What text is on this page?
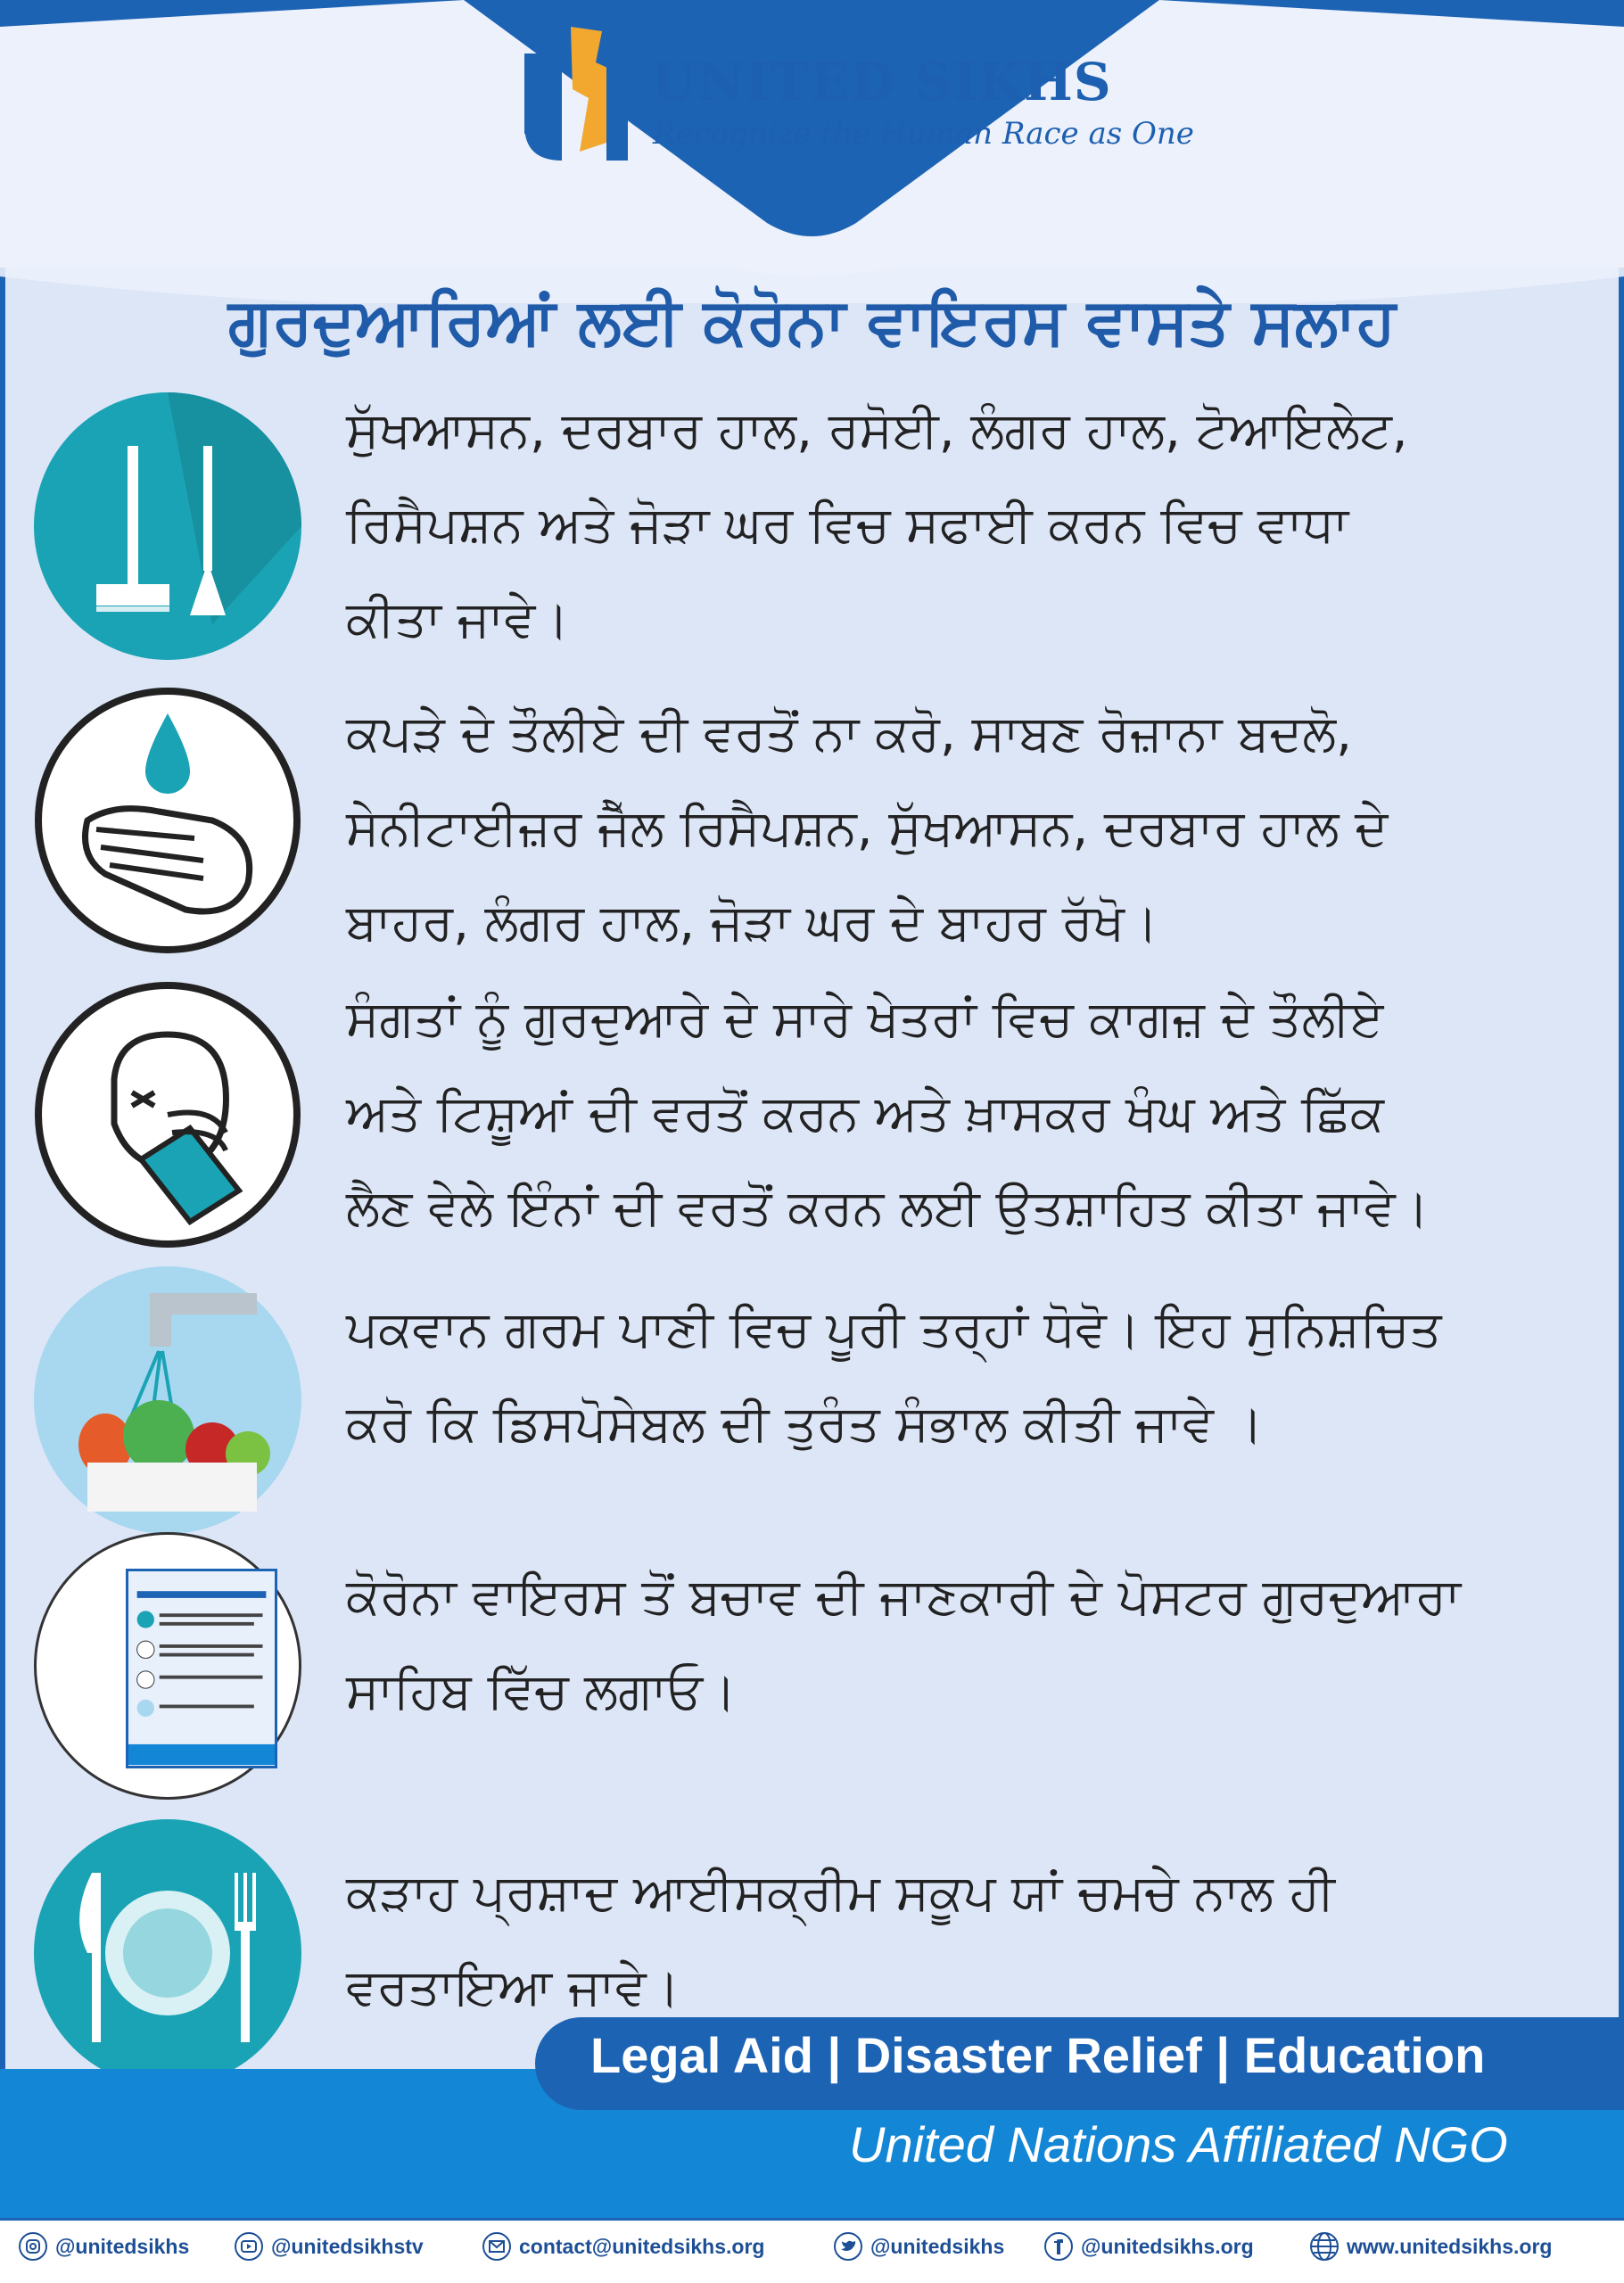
UNITED SIKHS
Recognize the Human Race as One
ਗੁਰਦੁਆਰਿਆਂ ਲਈ ਕੋਰੋਨਾ ਵਾਇਰਸ ਵਾਸਤੇ ਸਲਾਹ
ਸੁੱਖਆਸਨ, ਦਰਬਾਰ ਹਾਲ, ਰਸੋਈ, ਲੰਗਰ ਹਾਲ, ਟੋਆਇਲੇਟ,
ਰਿਸੈਪਸ਼ਨ ਅਤੇ ਜੋੜਾ ਘਰ ਵਿਚ ਸਫਾਈ ਕਰਨ ਵਿਚ ਵਾਧਾ
ਕੀਤਾ ਜਾਵੇ।
ਕਪੜੇ ਦੇ ਤੌਲੀਏ ਦੀ ਵਰਤੋਂ ਨਾ ਕਰੋ, ਸਾਬਣ ਰੋਜ਼ਾਨਾ ਬਦਲੋ,
ਸੇਨੀਟਾਈਜ਼ਰ ਜੈੱਲ ਰਿਸੈਪਸ਼ਨ, ਸੁੱਖਆਸਨ, ਦਰਬਾਰ ਹਾਲ ਦੇ
ਬਾਹਰ, ਲੰਗਰ ਹਾਲ, ਜੋੜਾ ਘਰ ਦੇ ਬਾਹਰ ਰੱਖੋ।
ਸੰਗਤਾਂ ਨੂੰ ਗੁਰਦੁਆਰੇ ਦੇ ਸਾਰੇ ਖੇਤਰਾਂ ਵਿਚ ਕਾਗਜ਼ ਦੇ ਤੌਲੀਏ
ਅਤੇ ਟਿਸ਼ੂਆਂ ਦੀ ਵਰਤੋਂ ਕਰਨ ਅਤੇ ਖ਼ਾਸਕਰ ਖੰਘ ਅਤੇ ਛਿੱਕ
ਲੈਣ ਵੇਲੇ ਇੰਨਾਂ ਦੀ ਵਰਤੋਂ ਕਰਨ ਲਈ ਉਤਸ਼ਾਹਿਤ ਕੀਤਾ ਜਾਵੇ।
ਪਕਵਾਨ ਗਰਮ ਪਾਣੀ ਵਿਚ ਪੂਰੀ ਤਰ੍ਹਾਂ ਧੋਵੋ। ਇਹ ਸੁਨਿਸ਼ਚਿਤ
ਕਰੋ ਕਿ ਡਿਸਪੋਸੇਬਲ ਦੀ ਤੁਰੰਤ ਸੰਭਾਲ ਕੀਤੀ ਜਾਵੇ ।
ਕੋਰੋਨਾ ਵਾਇਰਸ ਤੋਂ ਬਚਾਵ ਦੀ ਜਾਣਕਾਰੀ ਦੇ ਪੋਸਟਰ ਗੁਰਦੁਆਰਾ
ਸਾਹਿਬ ਵਿੱਚ ਲਗਾਓ।
ਕੜਾਹ ਪ੍ਰਸ਼ਾਦ ਆਈਸਕ੍ਰੀਮ ਸਕੂਪ ਯਾਂ ਚਮਚੇ ਨਾਲ ਹੀ
ਵਰਤਾਇਆ ਜਾਵੇ।
Legal Aid | Disaster Relief | Education
United Nations Affiliated NGO
@unitedsikhs	@unitedsikhstv	contact@unitedsikhs.org	@unitedsikhs	@unitedsikhs.org	www.unitedsikhs.org
